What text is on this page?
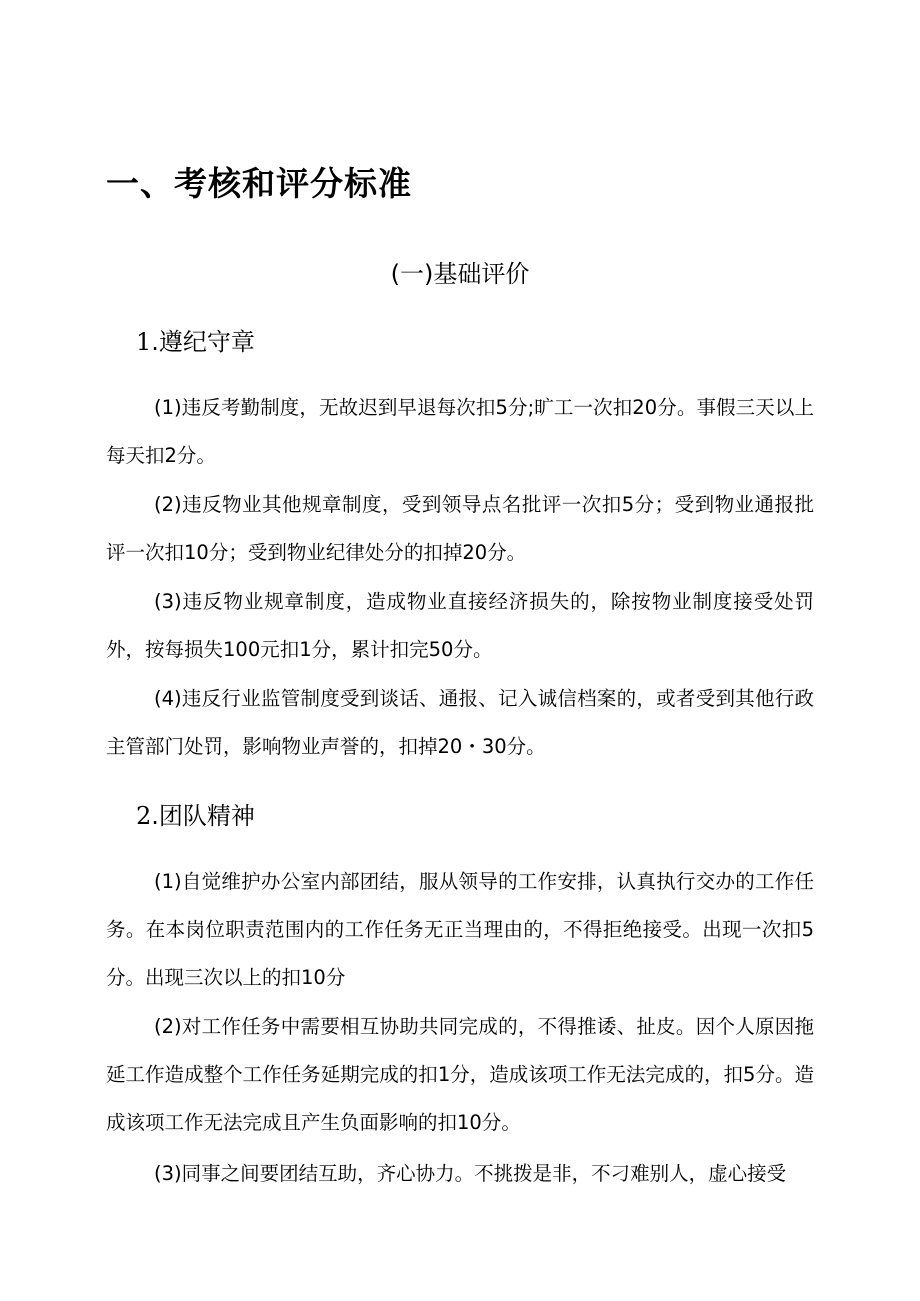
一、考核和评分标准
(一)基础评价
1.遵纪守章

(1)违反考勤制度，无故迟到早退每次扣5分;旷工一次扣20分。事假三天以上每天扣2分。

(2)违反物业其他规章制度，受到领导点名批评一次扣5分；受到物业通报批评一次扣10分；受到物业纪律处分的扣掉20分。

(3)违反物业规章制度，造成物业直接经济损失的，除按物业制度接受处罚外，按每损失100元扣1分，累计扣完50分。

(4)违反行业监管制度受到谈话、通报、记入诚信档案的，或者受到其他行政主管部门处罚，影响物业声誉的，扣掉20・30分。

2.团队精神

(1)自觉维护办公室内部团结，服从领导的工作安排，认真执行交办的工作任务。在本岗位职责范围内的工作任务无正当理由的，不得拒绝接受。出现一次扣5分。出现三次以上的扣10分

(2)对工作任务中需要相互协助共同完成的，不得推诿、扯皮。因个人原因拖延工作造成整个工作任务延期完成的扣1分，造成该项工作无法完成的，扣5分。造成该项工作无法完成且产生负面影响的扣10分。

(3)同事之间要团结互助，齐心协力。不挑拨是非，不刁难别人，虚心接受
